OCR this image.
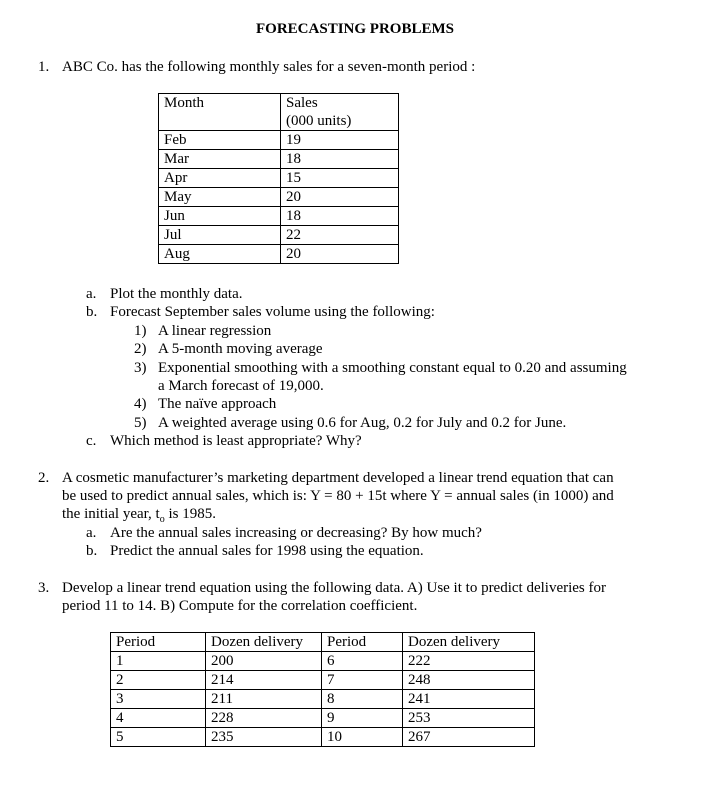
FORECASTING PROBLEMS
1. ABC Co. has the following monthly sales for a seven-month period :
Month	Sales
(000 units)
Feb	19
Mar	18
Apr	15
May	20
Jun	18
Jul	22
Aug	20
a. Plot the monthly data.
b. Forecast September sales volume using the following:
1) A linear regression
2) A 5-month moving average
3) Exponential smoothing with a smoothing constant equal to 0.20 and assuming
a March forecast of 19,000.
4) The naïve approach
5) A weighted average using 0.6 for Aug, 0.2 for July and 0.2 for June.
c. Which method is least appropriate? Why?
2. A cosmetic manufacturer’s marketing department developed a linear trend equation that can
be used to predict annual sales, which is: Y = 80 + 15t where Y = annual sales (in 1000) and
the initial year, $t_o$ is 1985.
a. Are the annual sales increasing or decreasing? By how much?
b. Predict the annual sales for 1998 using the equation.
3. Develop a linear trend equation using the following data. A) Use it to predict deliveries for
period 11 to 14. B) Compute for the correlation coefficient.
Period	Dozen delivery	Period	Dozen delivery
1	200	6	222
2	214	7	248
3	211	8	241
4	228	9	253
5	235	10	267
